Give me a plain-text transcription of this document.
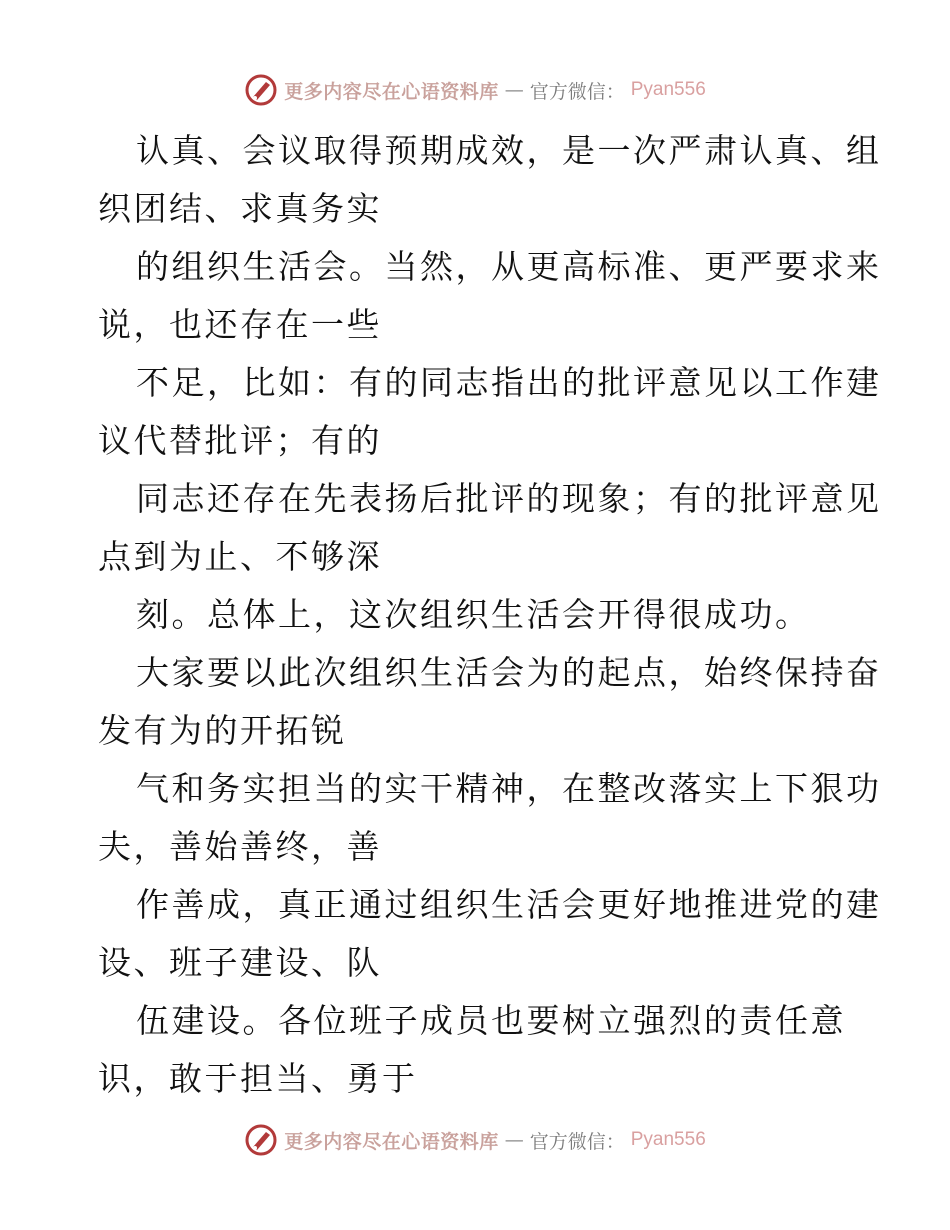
更多内容尽在心语资料库 — 官方微信： Pyan556
认真、会议取得预期成效，是一次严肃认真、组
织团结、求真务实
的组织生活会。当然，从更高标准、更严要求来
说，也还存在一些
不足，比如：有的同志指出的批评意见以工作建
议代替批评；有的
同志还存在先表扬后批评的现象；有的批评意见
点到为止、不够深
刻。总体上，这次组织生活会开得很成功。
大家要以此次组织生活会为的起点，始终保持奋
发有为的开拓锐
气和务实担当的实干精神，在整改落实上下狠功
夫，善始善终，善
作善成，真正通过组织生活会更好地推进党的建
设、班子建设、队
伍建设。各位班子成员也要树立强烈的责任意
识，敢于担当、勇于
更多内容尽在心语资料库 — 官方微信： Pyan556
